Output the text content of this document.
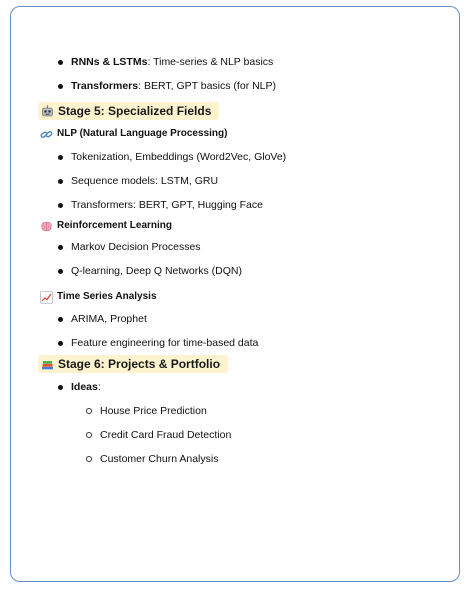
RNNs & LSTMs: Time-series & NLP basics
Transformers: BERT, GPT basics (for NLP)
Stage 5: Specialized Fields
NLP (Natural Language Processing)
Tokenization, Embeddings (Word2Vec, GloVe)
Sequence models: LSTM, GRU
Transformers: BERT, GPT, Hugging Face
Reinforcement Learning
Markov Decision Processes
Q-learning, Deep Q Networks (DQN)
Time Series Analysis
ARIMA, Prophet
Feature engineering for time-based data
Stage 6: Projects & Portfolio
Ideas:
House Price Prediction
Credit Card Fraud Detection
Customer Churn Analysis
